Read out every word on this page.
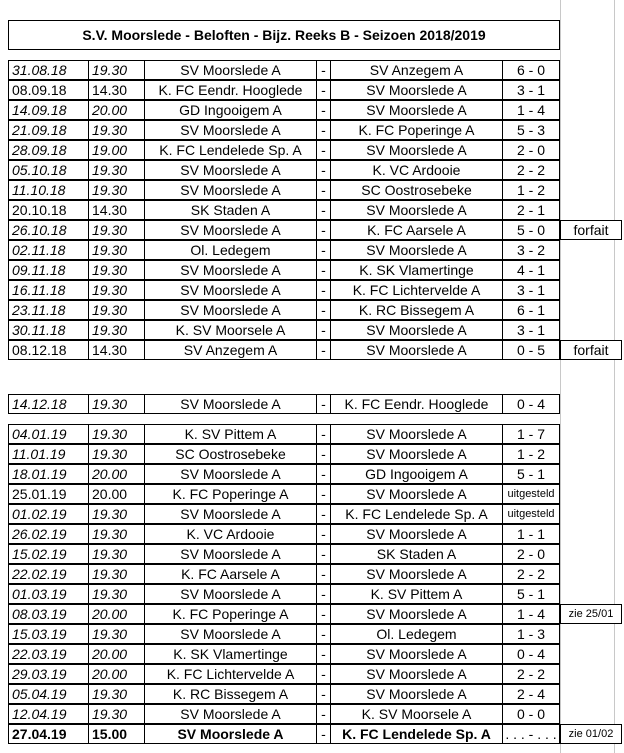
S.V. Moorslede - Beloften - Bijz. Reeks B - Seizoen 2018/2019
31.08.18	19.30	SV Moorslede A	-	SV Anzegem A	6 - 0
08.09.18	14.30	K. FC Eendr. Hooglede	-	SV Moorslede A	3 - 1
14.09.18	20.00	GD Ingooigem A	-	SV Moorslede A	1 - 4
21.09.18	19.30	SV Moorslede A	-	K. FC Poperinge A	5 - 3
28.09.18	19.00	K. FC Lendelede Sp. A	-	SV Moorslede A	2 - 0
05.10.18	19.30	SV Moorslede A	-	K. VC Ardooie	2 - 2
11.10.18	19.30	SV Moorslede A	-	SC Oostrosebeke	1 - 2
20.10.18	14.30	SK Staden A	-	SV Moorslede A	2 - 1
26.10.18	19.30	SV Moorslede A	-	K. FC Aarsele A	5 - 0	forfait
02.11.18	19.30	Ol. Ledegem	-	SV Moorslede A	3 - 2
09.11.18	19.30	SV Moorslede A	-	K. SK Vlamertinge	4 - 1
16.11.18	19.30	SV Moorslede A	-	K. FC Lichtervelde A	3 - 1
23.11.18	19.30	SV Moorslede A	-	K. RC Bissegem A	6 - 1
30.11.18	19.30	K. SV Moorsele A	-	SV Moorslede A	3 - 1
08.12.18	14.30	SV Anzegem A	-	SV Moorslede A	0 - 5	forfait
14.12.18	19.30	SV Moorslede A	-	K. FC Eendr. Hooglede	0 - 4
04.01.19	19.30	K. SV Pittem A	-	SV Moorslede A	1 - 7
11.01.19	19.30	SC Oostrosebeke	-	SV Moorslede A	1 - 2
18.01.19	20.00	SV Moorslede A	-	GD Ingooigem A	5 - 1
25.01.19	20.00	K. FC Poperinge A	-	SV Moorslede A	uitgesteld
01.02.19	19.30	SV Moorslede A	-	K. FC Lendelede Sp. A	uitgesteld
26.02.19	19.30	K. VC Ardooie	-	SV Moorslede A	1 - 1
15.02.19	19.30	SV Moorslede A	-	SK Staden A	2 - 0
22.02.19	19.30	K. FC Aarsele A	-	SV Moorslede A	2 - 2
01.03.19	19.30	SV Moorslede A	-	K. SV Pittem A	5 - 1
08.03.19	20.00	K. FC Poperinge A	-	SV Moorslede A	1 - 4	zie 25/01
15.03.19	19.30	SV Moorslede A	-	Ol. Ledegem	1 - 3
22.03.19	20.00	K. SK Vlamertinge	-	SV Moorslede A	0 - 4
29.03.19	20.00	K. FC Lichtervelde A	-	SV Moorslede A	2 - 2
05.04.19	19.30	K. RC Bissegem A	-	SV Moorslede A	2 - 4
12.04.19	19.30	SV Moorslede A	-	K. SV Moorsele A	0 - 0
27.04.19	15.00	SV Moorslede A	-	K. FC Lendelede Sp. A	. . . - . . .	zie 01/02
